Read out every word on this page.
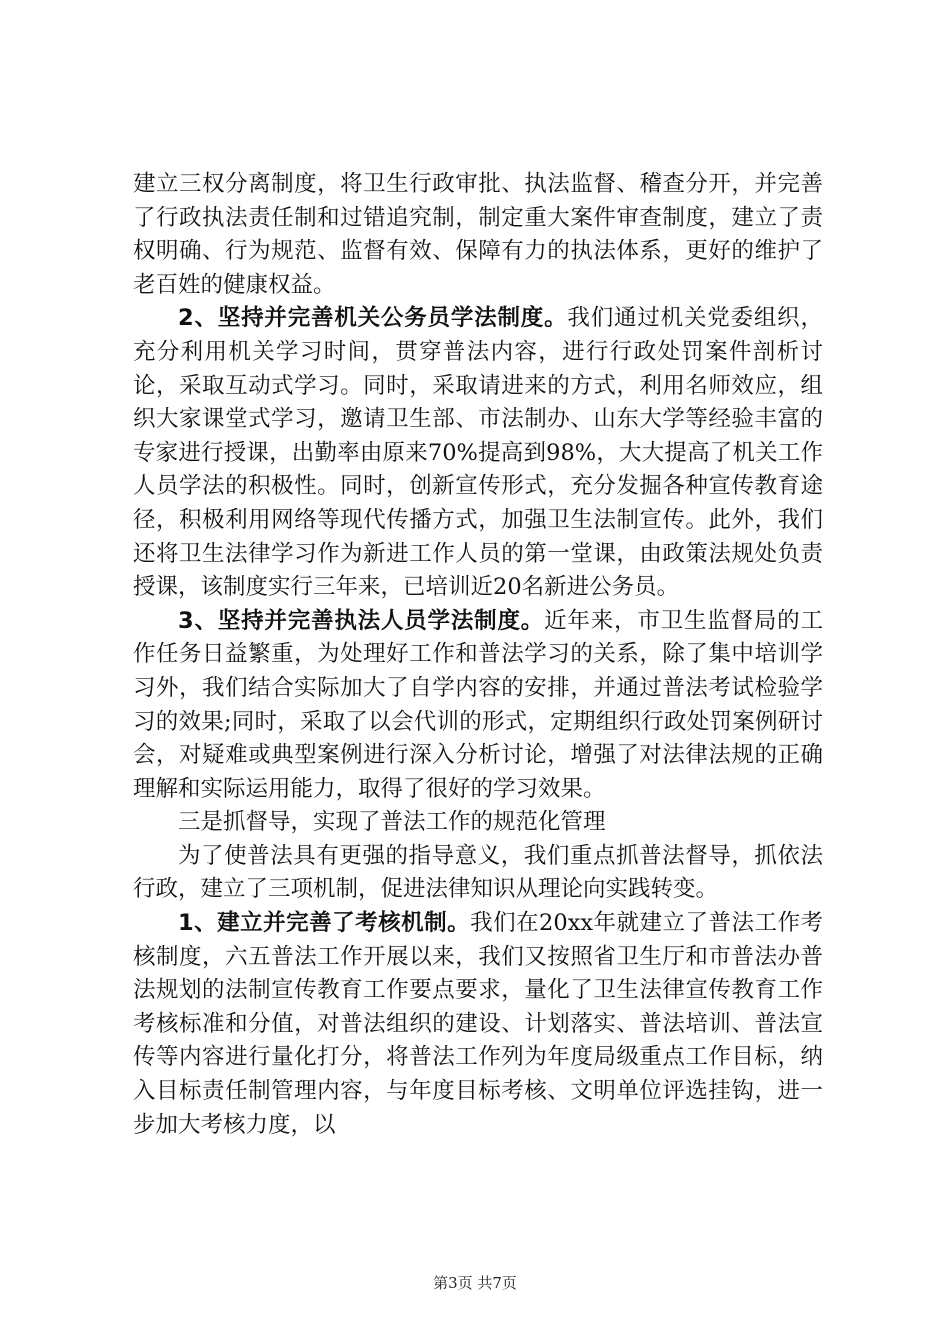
建立三权分离制度，将卫生行政审批、执法监督、稽查分开，并完善了行政执法责任制和过错追究制，制定重大案件审查制度，建立了责权明确、行为规范、监督有效、保障有力的执法体系，更好的维护了老百姓的健康权益。

2、坚持并完善机关公务员学法制度。我们通过机关党委组织，充分利用机关学习时间，贯穿普法内容，进行行政处罚案件剖析讨论，采取互动式学习。同时，采取请进来的方式，利用名师效应，组织大家课堂式学习，邀请卫生部、市法制办、山东大学等经验丰富的专家进行授课，出勤率由原来70%提高到98%，大大提高了机关工作人员学法的积极性。同时，创新宣传形式，充分发掘各种宣传教育途径，积极利用网络等现代传播方式，加强卫生法制宣传。此外，我们还将卫生法律学习作为新进工作人员的第一堂课，由政策法规处负责授课，该制度实行三年来，已培训近20名新进公务员。

3、坚持并完善执法人员学法制度。近年来，市卫生监督局的工作任务日益繁重，为处理好工作和普法学习的关系，除了集中培训学习外，我们结合实际加大了自学内容的安排，并通过普法考试检验学习的效果;同时，采取了以会代训的形式，定期组织行政处罚案例研讨会，对疑难或典型案例进行深入分析讨论，增强了对法律法规的正确理解和实际运用能力，取得了很好的学习效果。

三是抓督导，实现了普法工作的规范化管理

为了使普法具有更强的指导意义，我们重点抓普法督导，抓依法行政，建立了三项机制，促进法律知识从理论向实践转变。

1、建立并完善了考核机制。我们在20xx年就建立了普法工作考核制度，六五普法工作开展以来，我们又按照省卫生厅和市普法办普法规划的法制宣传教育工作要点要求，量化了卫生法律宣传教育工作考核标准和分值，对普法组织的建设、计划落实、普法培训、普法宣传等内容进行量化打分，将普法工作列为年度局级重点工作目标，纳入目标责任制管理内容，与年度目标考核、文明单位评选挂钩，进一步加大考核力度，以

第3页 共7页
